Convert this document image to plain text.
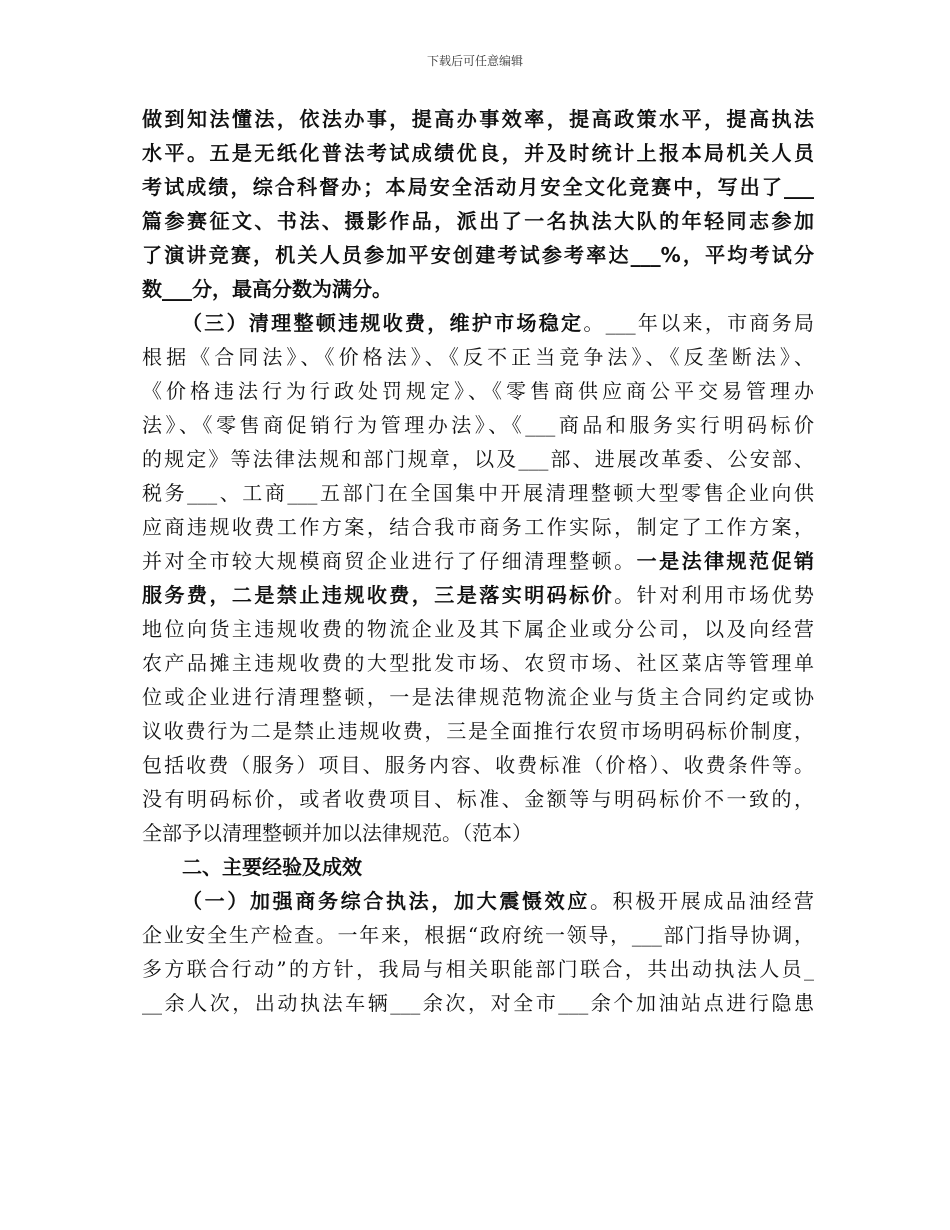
下载后可任意编辑
做到知法懂法，依法办事，提高办事效率，提高政策水平，提高执法
水平。五是无纸化普法考试成绩优良，并及时统计上报本局机关人员
考试成绩，综合科督办；本局安全活动月安全文化竞赛中，写出了___
篇参赛征文、书法、摄影作品，派出了一名执法大队的年轻同志参加
了演讲竞赛，机关人员参加平安创建考试参考率达___%，平均考试分
数___分，最高分数为满分。
（三）清理整顿违规收费，维护市场稳定。___年以来，市商务局
根据《合同法》、《价格法》、《反不正当竞争法》、《反垄断法》、
《价格违法行为行政处罚规定》、《零售商供应商公平交易管理办
法》、《零售商促销行为管理办法》、《___商品和服务实行明码标价
的规定》等法律法规和部门规章，以及___部、进展改革委、公安部、
税务___、工商___五部门在全国集中开展清理整顿大型零售企业向供
应商违规收费工作方案，结合我市商务工作实际，制定了工作方案，
并对全市较大规模商贸企业进行了仔细清理整顿。一是法律规范促销
服务费，二是禁止违规收费，三是落实明码标价。针对利用市场优势
地位向货主违规收费的物流企业及其下属企业或分公司，以及向经营
农产品摊主违规收费的大型批发市场、农贸市场、社区菜店等管理单
位或企业进行清理整顿，一是法律规范物流企业与货主合同约定或协
议收费行为二是禁止违规收费，三是全面推行农贸市场明码标价制度，
包括收费（服务）项目、服务内容、收费标准（价格）、收费条件等。
没有明码标价，或者收费项目、标准、金额等与明码标价不一致的，
全部予以清理整顿并加以法律规范。（范本）
二、主要经验及成效
（一）加强商务综合执法，加大震慑效应。积极开展成品油经营
企业安全生产检查。一年来，根据“政府统一领导，___部门指导协调，
多方联合行动”的方针，我局与相关职能部门联合，共出动执法人员_
__余人次，出动执法车辆___余次，对全市___余个加油站点进行隐患
